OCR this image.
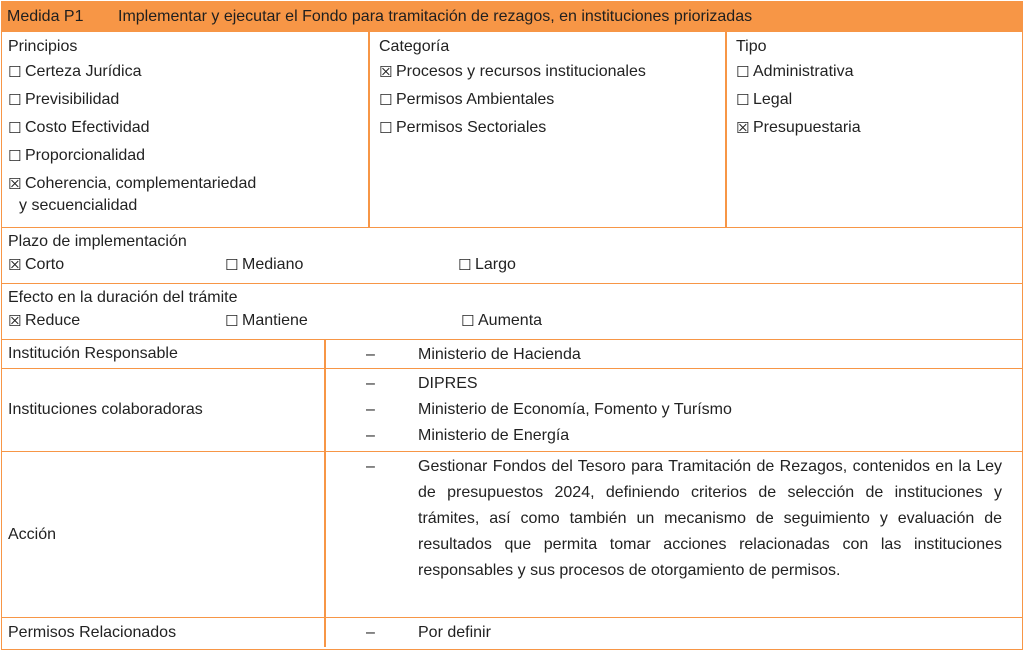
Medida P1	Implementar y ejecutar el Fondo para tramitación de rezagos, en instituciones priorizadas
Principios
☐ Certeza Jurídica
☐ Previsibilidad
☐ Costo Efectividad
☐ Proporcionalidad
☒ Coherencia, complementariedad
y secuencialidad
Categoría
☒ Procesos y recursos institucionales
☐ Permisos Ambientales
☐ Permisos Sectoriales
Tipo
☐ Administrativa
☐ Legal
☒ Presupuestaria
Plazo de implementación
☒ Corto	☐ Mediano	☐ Largo
Efecto en la duración del trámite
☒ Reduce	☐ Mantiene	☐ Aumenta
Institución Responsable	–	Ministerio de Hacienda
Instituciones colaboradoras
–	DIPRES
–	Ministerio de Economía, Fomento y Turísmo
–	Ministerio de Energía
Acción
–	Gestionar Fondos del Tesoro para Tramitación de Rezagos, contenidos en la Ley de presupuestos 2024, definiendo criterios de selección de instituciones y trámites, así como también un mecanismo de seguimiento y evaluación de resultados que permita tomar acciones relacionadas con las instituciones responsables y sus procesos de otorgamiento de permisos.
Permisos Relacionados	–	Por definir
